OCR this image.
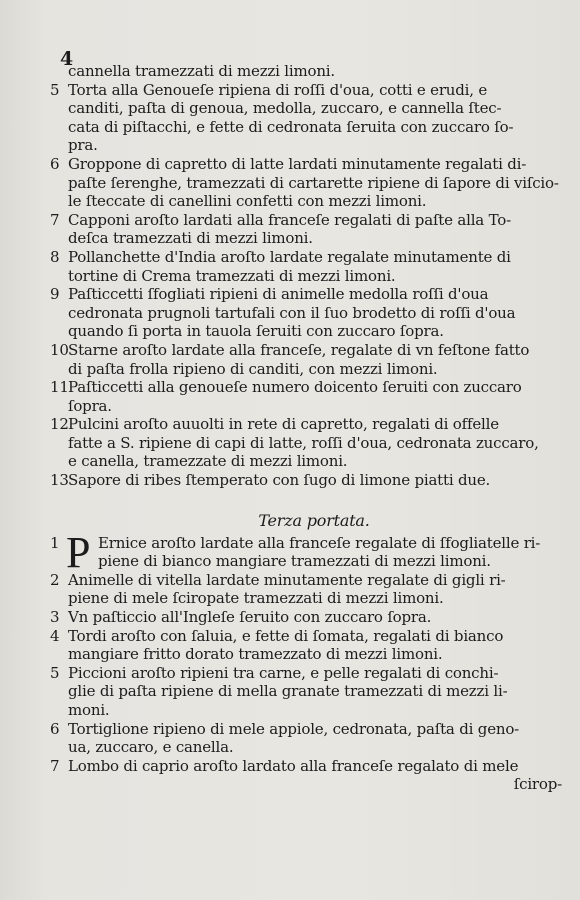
4
cannella tramezzati di mezzi limoni.
5 Torta alla Genoueſe ripiena di roſſi d'oua, cotti e erudi, e
canditi, paſta di genoua, medolla, zuccaro, e cannella ſtec-
cata di piſtacchi, e fette di cedronata ſeruita con zuccaro ſo-
pra.
6 Groppone di capretto di latte lardati minutamente regalati di-
paſte ſerenghe, tramezzati di cartarette ripiene di ſapore di viſcio-
le ſteccate di canellini confetti con mezzi limoni.
7 Capponi aroſto lardati alla franceſe regalati di paſte alla To-
deſca tramezzati di mezzi limoni.
8 Pollanchette d'India aroſto lardate regalate minutamente di
tortine di Crema tramezzati di mezzi limoni.
9 Paſticcetti ſfogliati ripieni di animelle medolla roſſi d'oua
cedronata prugnoli tartufali con il ſuo brodetto di roſſi d'oua
quando ſi porta in tauola ſeruiti con zuccaro ſopra.
10 Starne aroſto lardate alla franceſe, regalate di vn feſtone fatto
di paſta frolla ripieno di canditi, con mezzi limoni.
11 Paſticcetti alla genoueſe numero doicento ſeruiti con zuccaro
ſopra.
12 Pulcini aroſto auuolti in rete di capretto, regalati di offelle
fatte a S. ripiene di capi di latte, roſſi d'oua, cedronata zuccaro,
e canella, tramezzate di mezzi limoni.
13 Sapore di ribes ſtemperato con ſugo di limone piatti due.
Terza portata.
P
1	Ernice aroſto lardate alla franceſe regalate di ſfogliatelle ri-
piene di bianco mangiare tramezzati di mezzi limoni.
2 Animelle di vitella lardate minutamente regalate di gigli ri-
piene di mele ſciropate tramezzati di mezzi limoni.
3 Vn paſticcio all'Ingleſe ſeruito con zuccaro ſopra.
4 Tordi aroſto con ſaluia, e fette di ſomata, regalati di bianco
mangiare fritto dorato tramezzato di mezzi limoni.
5 Piccioni aroſto ripieni tra carne, e pelle regalati di conchi-
glie di paſta ripiene di mella granate tramezzati di mezzi li-
moni.
6 Tortiglione ripieno di mele appiole, cedronata, paſta di geno-
ua, zuccaro, e canella.
7 Lombo di caprio aroſto lardato alla franceſe regalato di mele
ſcirop-
